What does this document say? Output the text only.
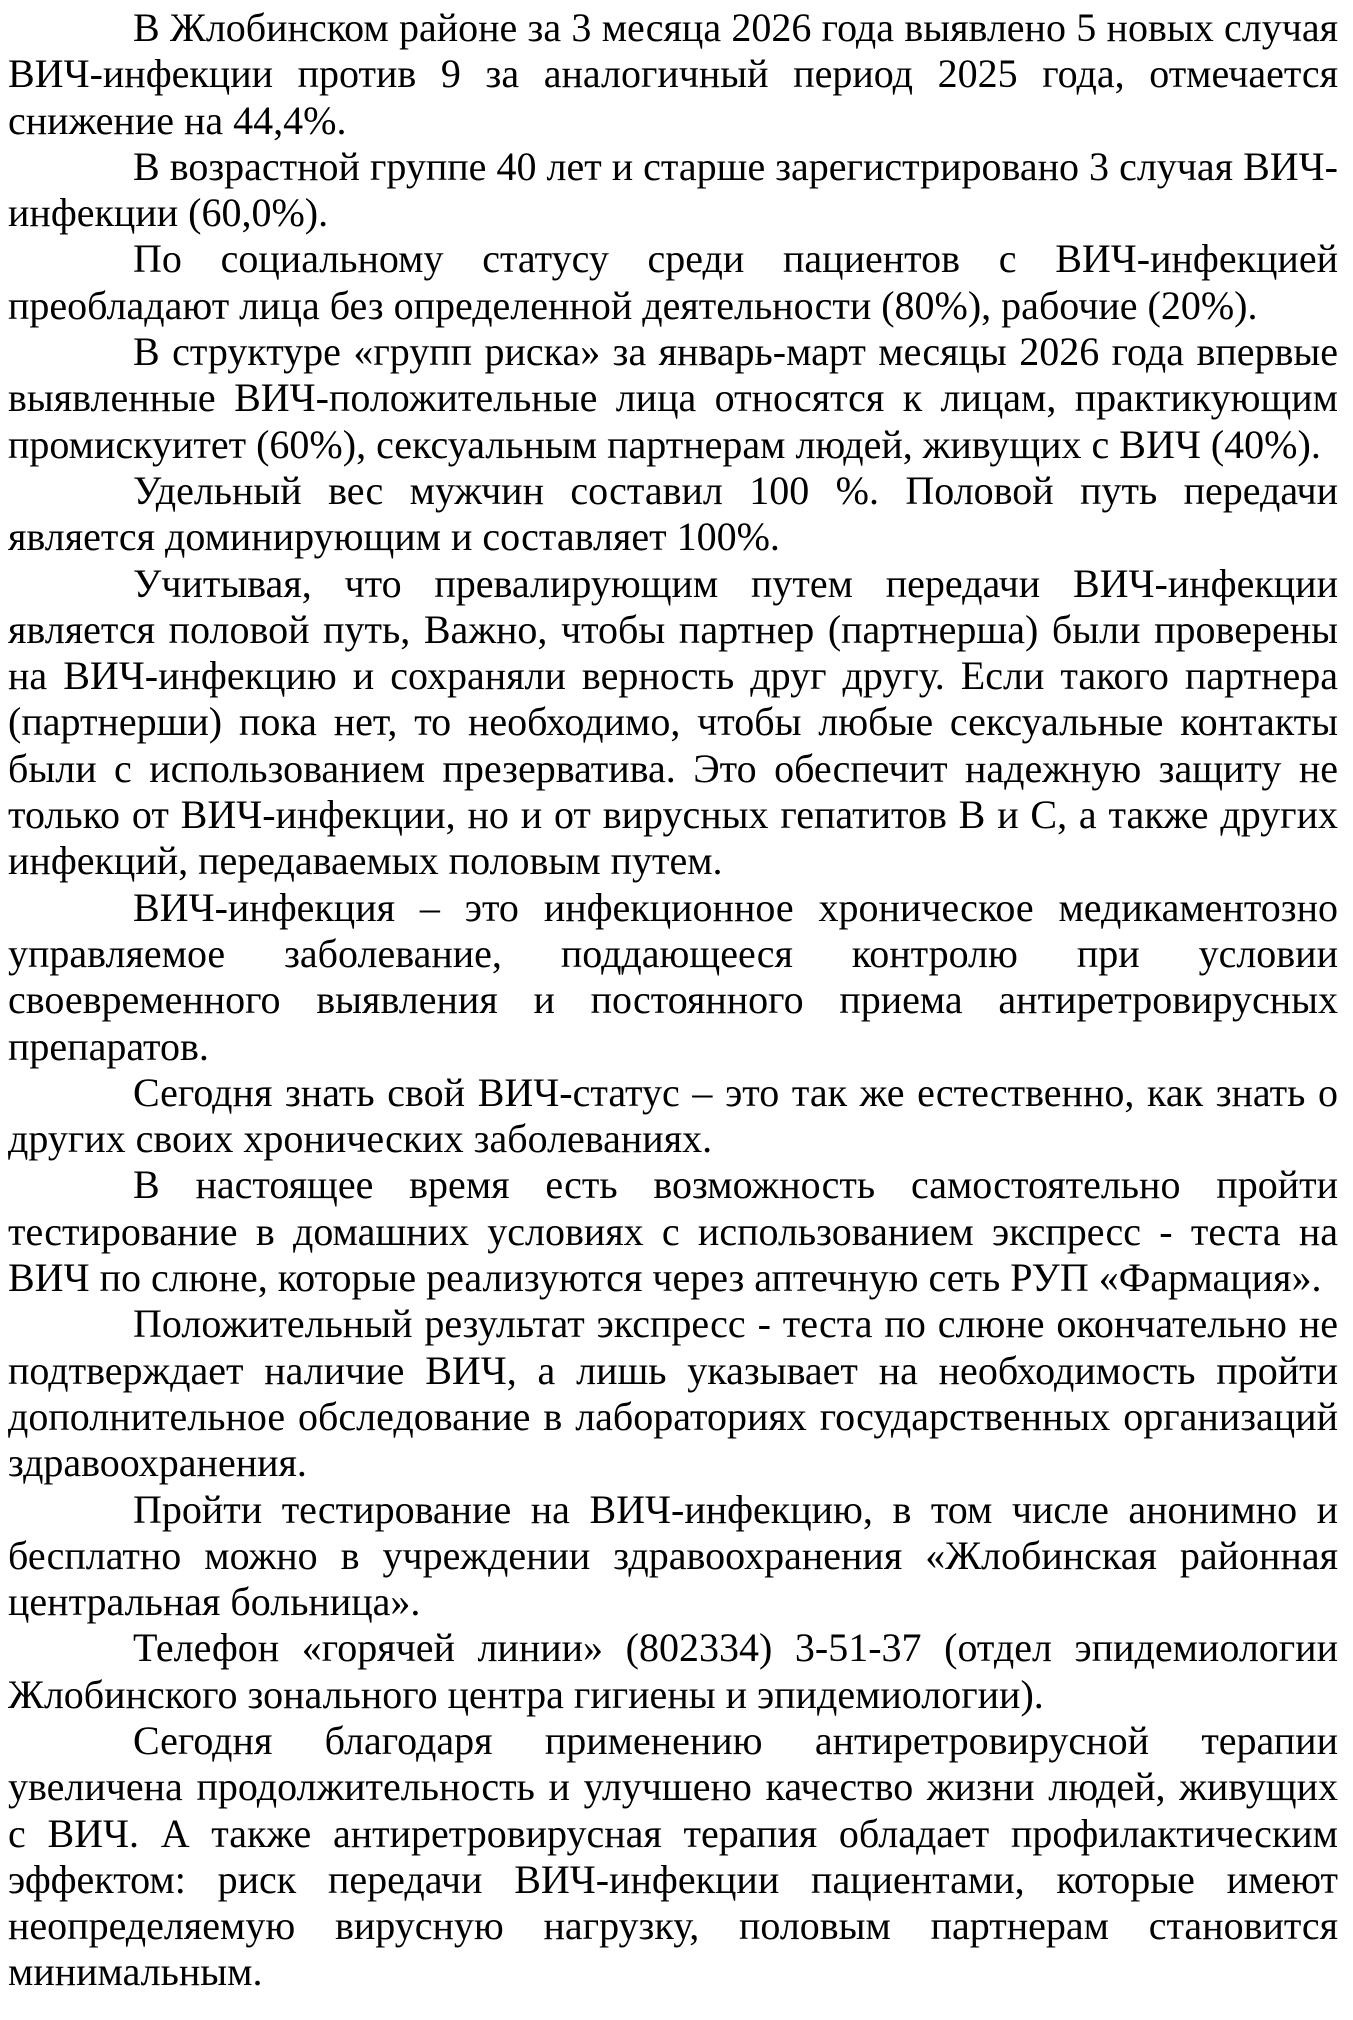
В Жлобинском районе за 3 месяца 2026 года выявлено 5 новых случая ВИЧ-инфекции против 9 за аналогичный период 2025 года, отмечается снижение на 44,4%.

В возрастной группе 40 лет и старше зарегистрировано 3 случая ВИЧ-инфекции (60,0%).

По социальному статусу среди пациентов с ВИЧ-инфекцией преобладают лица без определенной деятельности (80%), рабочие (20%).

В структуре «групп риска» за январь-март месяцы 2026 года впервые выявленные ВИЧ-положительные лица относятся к лицам, практикующим промискуитет (60%), сексуальным партнерам людей, живущих с ВИЧ (40%).

Удельный вес мужчин составил 100 %. Половой путь передачи является доминирующим и составляет 100%.

Учитывая, что превалирующим путем передачи ВИЧ-инфекции является половой путь, Важно, чтобы партнер (партнерша) были проверены на ВИЧ-инфекцию и сохраняли верность друг другу. Если такого партнера (партнерши) пока нет, то необходимо, чтобы любые сексуальные контакты были с использованием презерватива. Это обеспечит надежную защиту не только от ВИЧ-инфекции, но и от вирусных гепатитов В и С, а также других инфекций, передаваемых половым путем.

ВИЧ-инфекция – это инфекционное хроническое медикаментозно управляемое заболевание, поддающееся контролю при условии своевременного выявления и постоянного приема антиретровирусных препаратов.

Сегодня знать свой ВИЧ-статус – это так же естественно, как знать о других своих хронических заболеваниях.

В настоящее время есть возможность самостоятельно пройти тестирование в домашних условиях с использованием экспресс - теста на ВИЧ по слюне, которые реализуются через аптечную сеть РУП «Фармация».

Положительный результат экспресс - теста по слюне окончательно не подтверждает наличие ВИЧ, а лишь указывает на необходимость пройти дополнительное обследование в лабораториях государственных организаций здравоохранения.

Пройти тестирование на ВИЧ-инфекцию, в том числе анонимно и бесплатно можно в учреждении здравоохранения «Жлобинская районная центральная больница».

Телефон «горячей линии» (802334) 3-51-37 (отдел эпидемиологии Жлобинского зонального центра гигиены и эпидемиологии).

Сегодня благодаря применению антиретровирусной терапии увеличена продолжительность и улучшено качество жизни людей, живущих с ВИЧ. А также антиретровирусная терапия обладает профилактическим эффектом: риск передачи ВИЧ-инфекции пациентами, которые имеют неопределяемую вирусную нагрузку, половым партнерам становится минимальным.
